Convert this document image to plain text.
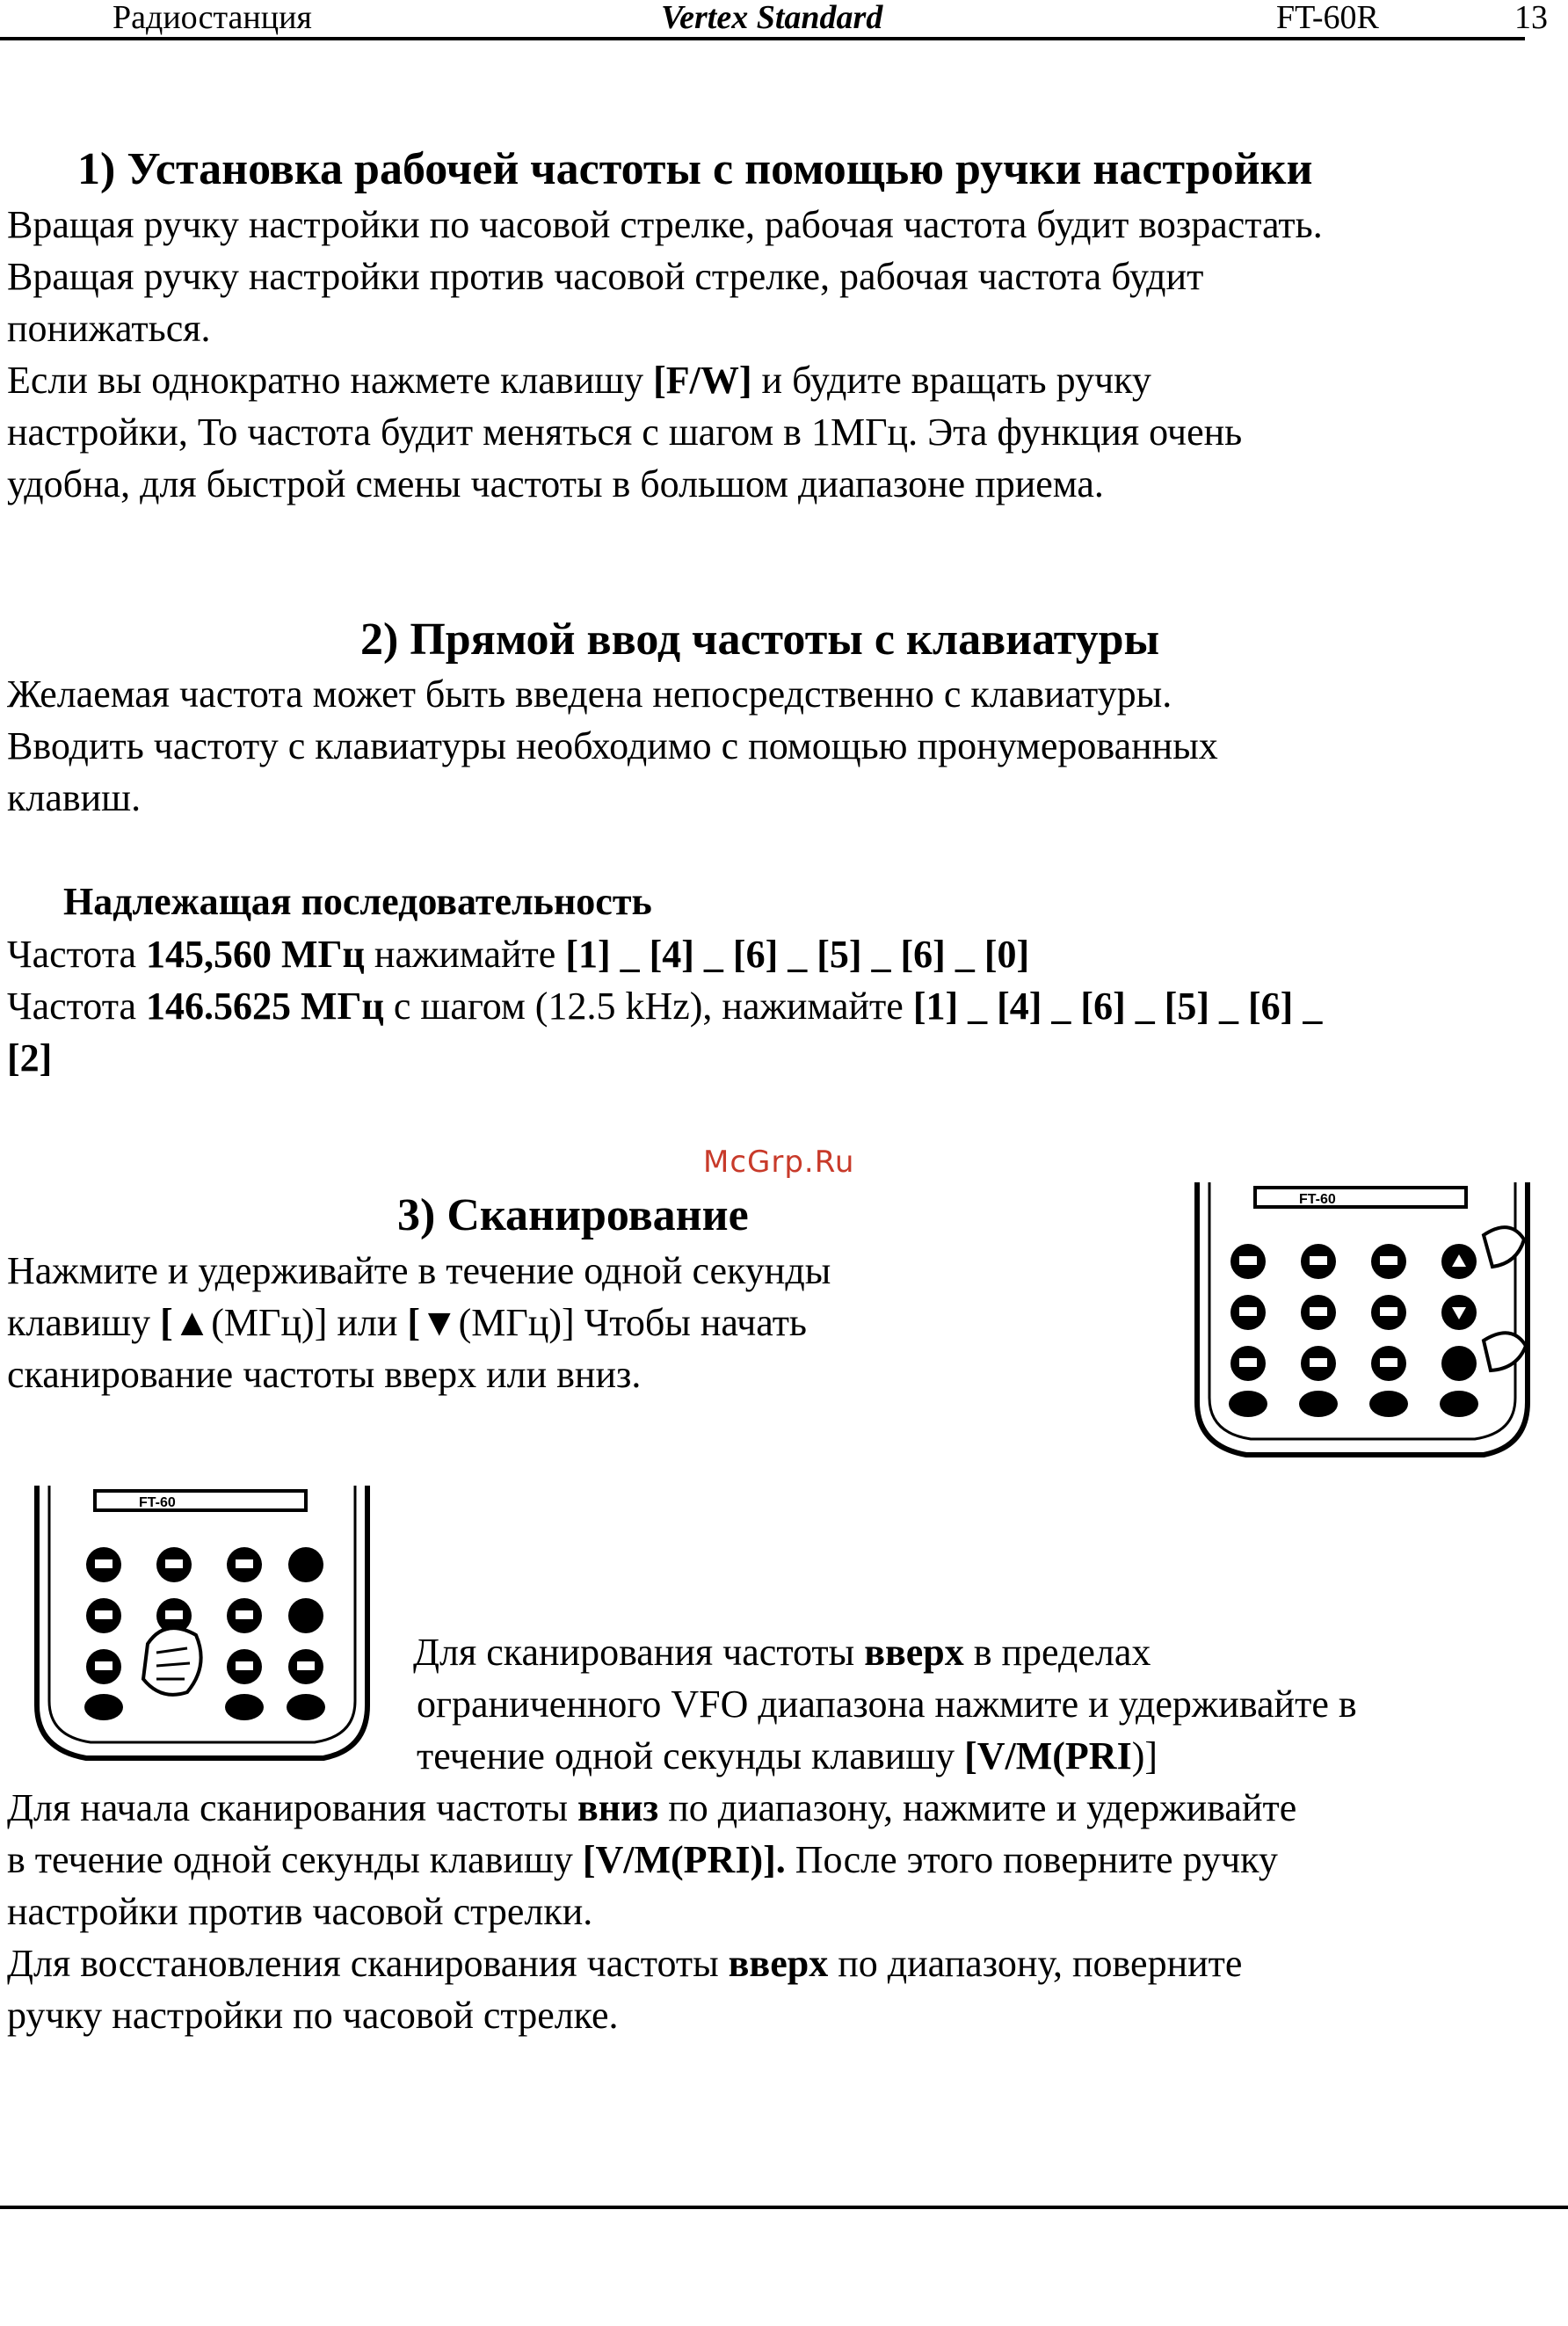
Радиостанция	Vertex Standard	FT-60R	13
1) Установка рабочей частоты с помощью ручки настройки
Вращая ручку настройки по часовой стрелке, рабочая частота будит возрастать.
Вращая ручку настройки против часовой стрелке, рабочая частота будит
понижаться.
Если вы однократно нажмете клавишу [F/W] и будите вращать ручку
настройки, То частота будит меняться с шагом в 1МГц. Эта функция очень
удобна, для быстрой смены частоты в большом диапазоне приема.
2) Прямой ввод частоты с клавиатуры
Желаемая частота может быть введена непосредственно с клавиатуры.
Вводить частоту с клавиатуры необходимо с помощью пронумерованных
клавиш.
Надлежащая последовательность
Частота 145,560 МГц нажимайте [1] _ [4] _ [6] _ [5] _ [6] _ [0]
Частота 146.5625 МГц с шагом (12.5 kHz), нажимайте [1] _ [4] _ [6] _ [5] _ [6] _
[2]
McGrp.Ru
3) Сканирование
Нажмите и удерживайте в течение одной секунды
клавишу [▲(МГц)] или [▼(МГц)] Чтобы начать
сканирование частоты вверх или вниз.
FT-60
FT-60
Для сканирования частоты вверх в пределах
ограниченного VFO диапазона нажмите и удерживайте в
течение одной секунды клавишу [V/M(PRI)]
Для начала сканирования частоты вниз по диапазону, нажмите и удерживайте
в течение одной секунды клавишу [V/M(PRI)]. После этого поверните ручку
настройки против часовой стрелки.
Для восстановления сканирования частоты вверх по диапазону, поверните
ручку настройки по часовой стрелке.
